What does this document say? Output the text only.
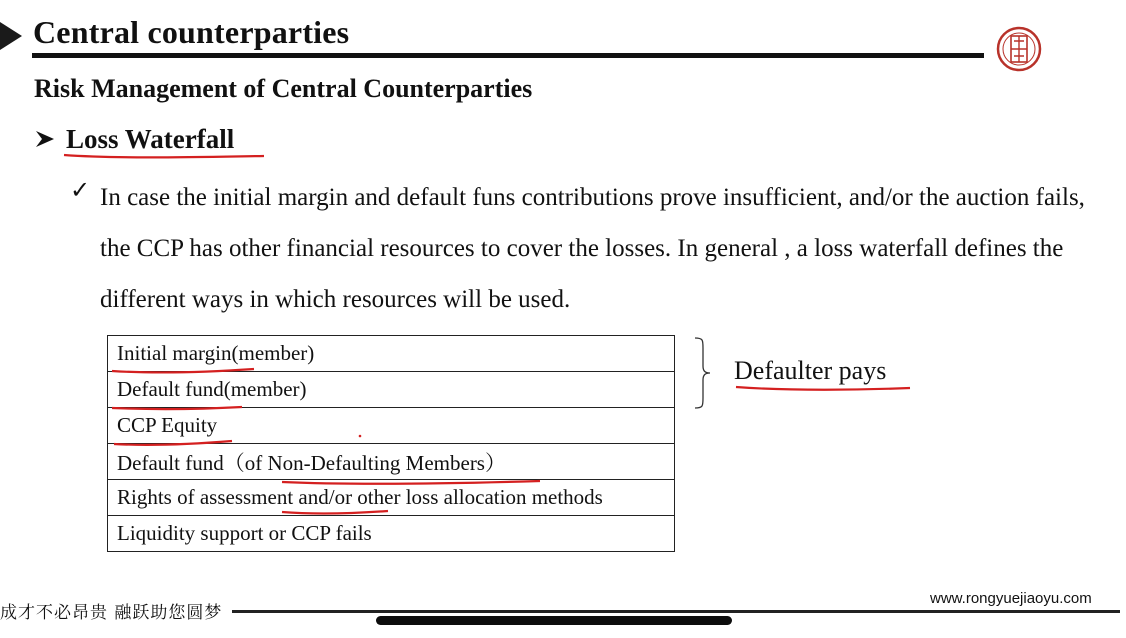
Central counterparties
Risk Management of Central Counterparties
Loss Waterfall
✓ In case the initial margin and default funs contributions prove insufficient, and/or the auction fails, the CCP has other financial resources to cover the losses. In general , a loss waterfall defines the different ways in which resources will be used.

Initial margin(member)
Default fund(member)
CCP Equity
Default fund（of Non-Defaulting Members）
Rights of assessment and/or other loss allocation methods
Liquidity support or CCP fails
Defaulter pays
成才不必昂贵 融跃助您圆梦
www.rongyuejiaoyu.com
